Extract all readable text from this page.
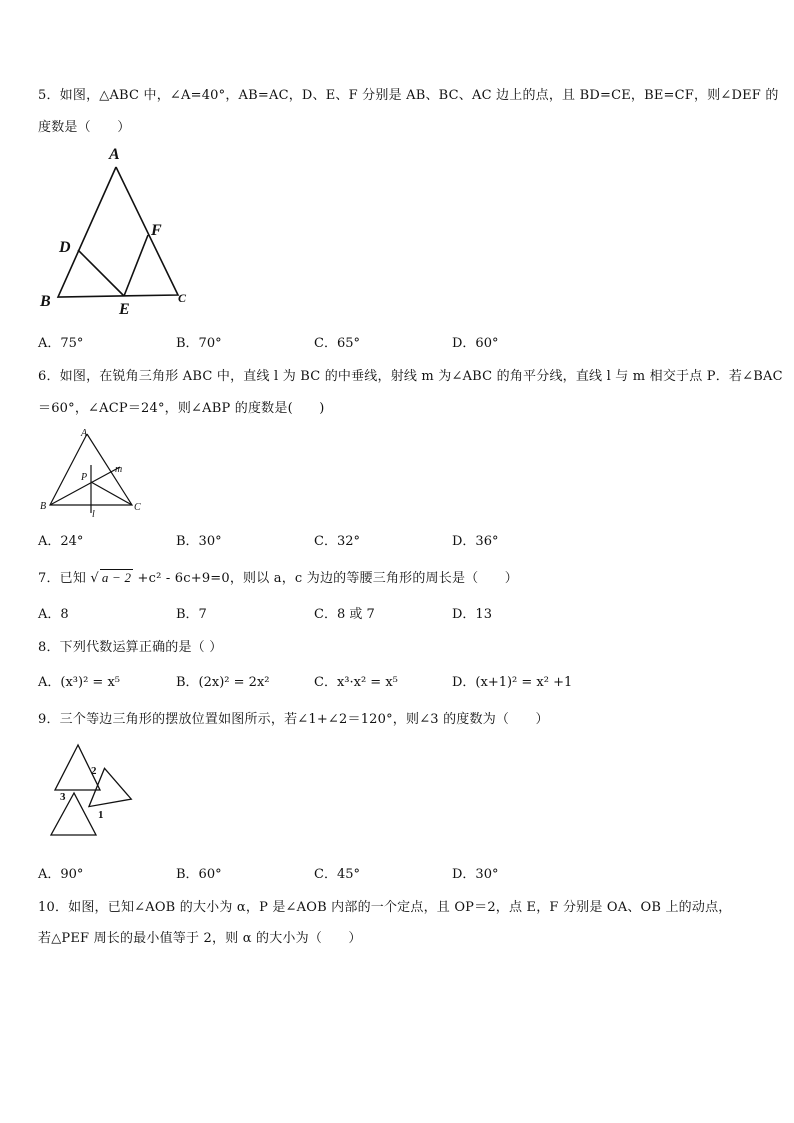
5．如图，△ABC 中，∠A=40°，AB=AC，D、E、F 分别是 AB、BC、AC 边上的点，且 BD=CE，BE=CF，则∠DEF 的
度数是（　　）
A
B	C
D
E
F
A．75°	B．70°	C．65°	D．60°
6．如图，在锐角三角形 ABC 中，直线 l 为 BC 的中垂线，射线 m 为∠ABC 的角平分线，直线 l 与 m 相交于点 P．若∠BAC
＝60°，∠ACP＝24°，则∠ABP 的度数是(　　)
A
B	C
P
m
l
A．24°	B．30°	C．32°	D．36°
7．已知 √ a − 2 +c² - 6c+9=0，则以 a，c 为边的等腰三角形的周长是（　　）
A．8	B．7	C．8 或 7	D．13
8．下列代数运算正确的是（ ）
A．(x³)² = x⁵	B．(2x)² = 2x²	C．x³·x² = x⁵	D．(x+1)² = x² +1
9．三个等边三角形的摆放位置如图所示，若∠1+∠2＝120°，则∠3 的度数为（　　）
2
3
1
A．90°	B．60°	C．45°	D．30°
10．如图，已知∠AOB 的大小为 α，P 是∠AOB 内部的一个定点，且 OP＝2，点 E，F 分别是 OA、OB 上的动点，
若△PEF 周长的最小值等于 2，则 α 的大小为（　　）
